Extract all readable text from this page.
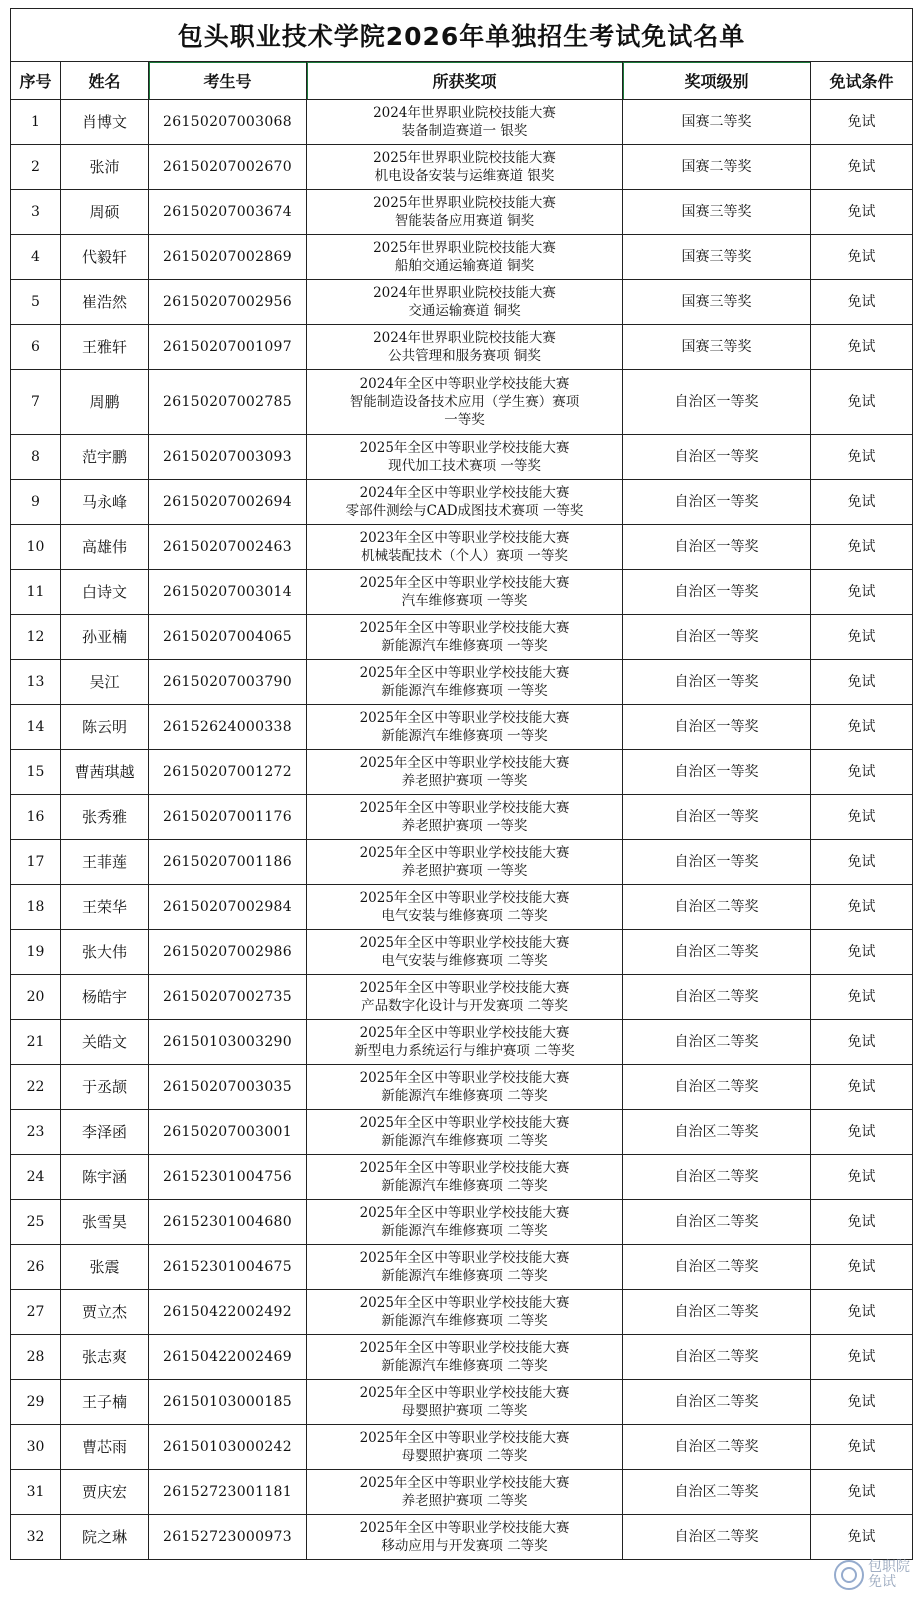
包头职业技术学院2026年单独招生考试免试名单					
序号	姓名	考生号	所获奖项	奖项级别	免试条件
1	肖博文	26150207003068	2024年世界职业院校技能大赛
装备制造赛道一 银奖	国赛二等奖	免试
2	张沛	26150207002670	2025年世界职业院校技能大赛
机电设备安装与运维赛道 银奖	国赛二等奖	免试
3	周硕	26150207003674	2025年世界职业院校技能大赛
智能装备应用赛道 铜奖	国赛三等奖	免试
4	代毅轩	26150207002869	2025年世界职业院校技能大赛
船舶交通运输赛道 铜奖	国赛三等奖	免试
5	崔浩然	26150207002956	2024年世界职业院校技能大赛
交通运输赛道 铜奖	国赛三等奖	免试
6	王雅轩	26150207001097	2024年世界职业院校技能大赛
公共管理和服务赛项 铜奖	国赛三等奖	免试
7	周鹏	26150207002785	2024年全区中等职业学校技能大赛
智能制造设备技术应用（学生赛）赛项
一等奖	自治区一等奖	免试
8	范宇鹏	26150207003093	2025年全区中等职业学校技能大赛
现代加工技术赛项 一等奖	自治区一等奖	免试
9	马永峰	26150207002694	2024年全区中等职业学校技能大赛
零部件测绘与CAD成图技术赛项 一等奖	自治区一等奖	免试
10	高雄伟	26150207002463	2023年全区中等职业学校技能大赛
机械装配技术（个人）赛项 一等奖	自治区一等奖	免试
11	白诗文	26150207003014	2025年全区中等职业学校技能大赛
汽车维修赛项 一等奖	自治区一等奖	免试
12	孙亚楠	26150207004065	2025年全区中等职业学校技能大赛
新能源汽车维修赛项 一等奖	自治区一等奖	免试
13	吴江	26150207003790	2025年全区中等职业学校技能大赛
新能源汽车维修赛项 一等奖	自治区一等奖	免试
14	陈云明	26152624000338	2025年全区中等职业学校技能大赛
新能源汽车维修赛项 一等奖	自治区一等奖	免试
15	曹茜琪越	26150207001272	2025年全区中等职业学校技能大赛
养老照护赛项 一等奖	自治区一等奖	免试
16	张秀雅	26150207001176	2025年全区中等职业学校技能大赛
养老照护赛项 一等奖	自治区一等奖	免试
17	王菲莲	26150207001186	2025年全区中等职业学校技能大赛
养老照护赛项 一等奖	自治区一等奖	免试
18	王荣华	26150207002984	2025年全区中等职业学校技能大赛
电气安装与维修赛项 二等奖	自治区二等奖	免试
19	张大伟	26150207002986	2025年全区中等职业学校技能大赛
电气安装与维修赛项 二等奖	自治区二等奖	免试
20	杨皓宇	26150207002735	2025年全区中等职业学校技能大赛
产品数字化设计与开发赛项 二等奖	自治区二等奖	免试
21	关皓文	26150103003290	2025年全区中等职业学校技能大赛
新型电力系统运行与维护赛项 二等奖	自治区二等奖	免试
22	于丞颉	26150207003035	2025年全区中等职业学校技能大赛
新能源汽车维修赛项 二等奖	自治区二等奖	免试
23	李泽函	26150207003001	2025年全区中等职业学校技能大赛
新能源汽车维修赛项 二等奖	自治区二等奖	免试
24	陈宇涵	26152301004756	2025年全区中等职业学校技能大赛
新能源汽车维修赛项 二等奖	自治区二等奖	免试
25	张雪昊	26152301004680	2025年全区中等职业学校技能大赛
新能源汽车维修赛项 二等奖	自治区二等奖	免试
26	张震	26152301004675	2025年全区中等职业学校技能大赛
新能源汽车维修赛项 二等奖	自治区二等奖	免试
27	贾立杰	26150422002492	2025年全区中等职业学校技能大赛
新能源汽车维修赛项 二等奖	自治区二等奖	免试
28	张志爽	26150422002469	2025年全区中等职业学校技能大赛
新能源汽车维修赛项 二等奖	自治区二等奖	免试
29	王子楠	26150103000185	2025年全区中等职业学校技能大赛
母婴照护赛项 二等奖	自治区二等奖	免试
30	曹芯雨	26150103000242	2025年全区中等职业学校技能大赛
母婴照护赛项 二等奖	自治区二等奖	免试
31	贾庆宏	26152723001181	2025年全区中等职业学校技能大赛
养老照护赛项 二等奖	自治区二等奖	免试
32	院之琳	26152723000973	2025年全区中等职业学校技能大赛
移动应用与开发赛项 二等奖	自治区二等奖	免试
包职院
免试
